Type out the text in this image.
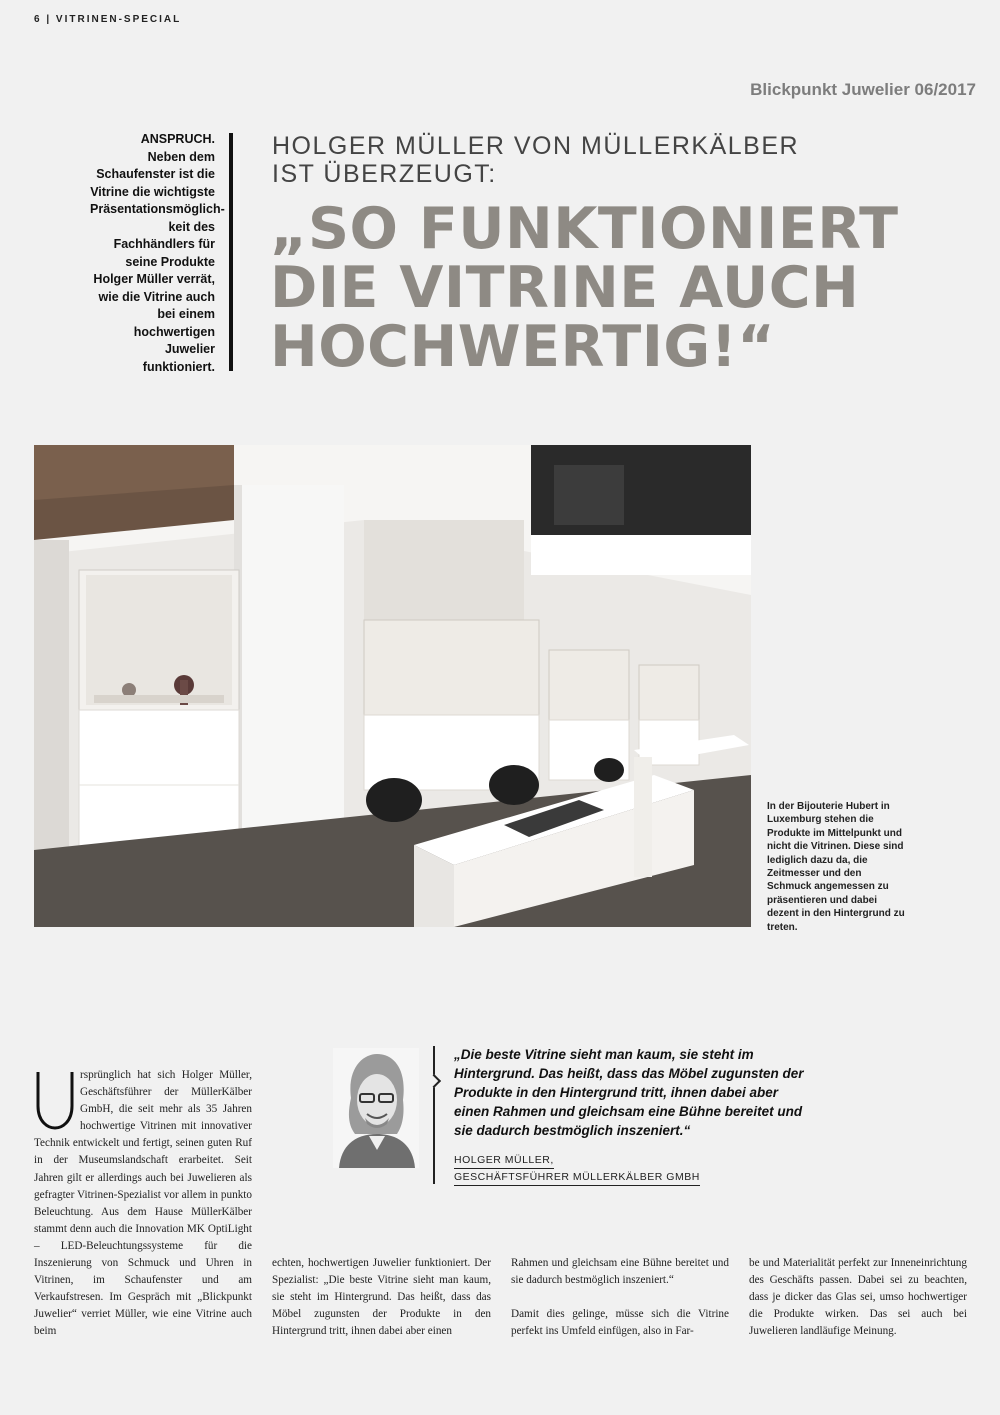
6 | VITRINEN-SPECIAL
Blickpunkt Juwelier 06/2017
ANSPRUCH.
Neben dem Schaufenster ist die Vitrine die wichtigste Präsentationsmöglich-keit des Fachhändlers für seine Produkte Holger Müller verrät, wie die Vitrine auch bei einem hochwertigen Juwelier funktioniert.
HOLGER MÜLLER VON MÜLLERKÄLBER
IST ÜBERZEUGT:
„SO FUNKTIONIERT
DIE VITRINE AUCH
HOCHWERTIG!“
In der Bijouterie Hubert in Luxemburg stehen die Produkte im Mittelpunkt und nicht die Vitrinen. Diese sind lediglich dazu da, die Zeitmesser und den Schmuck angemessen zu präsentieren und dabei dezent in den Hintergrund zu treten.
„Die beste Vitrine sieht man kaum, sie steht im Hintergrund. Das heißt, dass das Möbel zugunsten der Produkte in den Hintergrund tritt, ihnen dabei aber einen Rahmen und gleichsam eine Bühne bereitet und sie dadurch bestmöglich inszeniert.“
HOLGER MÜLLER,
GESCHÄFTSFÜHRER MÜLLERKÄLBER GMBH
rsprünglich hat sich Holger Müller, Geschäftsführer der MüllerKälber GmbH, die seit mehr als 35 Jahren hochwertige Vitrinen mit innovativer Technik entwickelt und fertigt, seinen guten Ruf in der Museumslandschaft erarbeitet. Seit Jahren gilt er allerdings auch bei Juwelieren als gefragter Vitrinen-Spezialist vor allem in punkto Beleuchtung. Aus dem Hause MüllerKälber stammt denn auch die Innovation MK OptiLight – LED-Beleuchtungssysteme für die Inszenierung von Schmuck und Uhren in Vitrinen, im Schaufenster und am Verkaufstresen. Im Gespräch mit „Blickpunkt Juwelier“ verriet Müller, wie eine Vitrine auch beim

echten, hochwertigen Juwelier funktioniert. Der Spezialist: „Die beste Vitrine sieht man kaum, sie steht im Hintergrund. Das heißt, dass das Möbel zugunsten der Produkte in den Hintergrund tritt, ihnen dabei aber einen

Rahmen und gleichsam eine Bühne bereitet und sie dadurch bestmöglich inszeniert.“

Damit dies gelinge, müsse sich die Vitrine perfekt ins Umfeld einfügen, also in Far-

be und Materialität perfekt zur Inneneinrichtung des Geschäfts passen. Dabei sei zu beachten, dass je dicker das Glas sei, umso hochwertiger die Produkte wirken. Das sei auch bei Juwelieren landläufige Meinung.
